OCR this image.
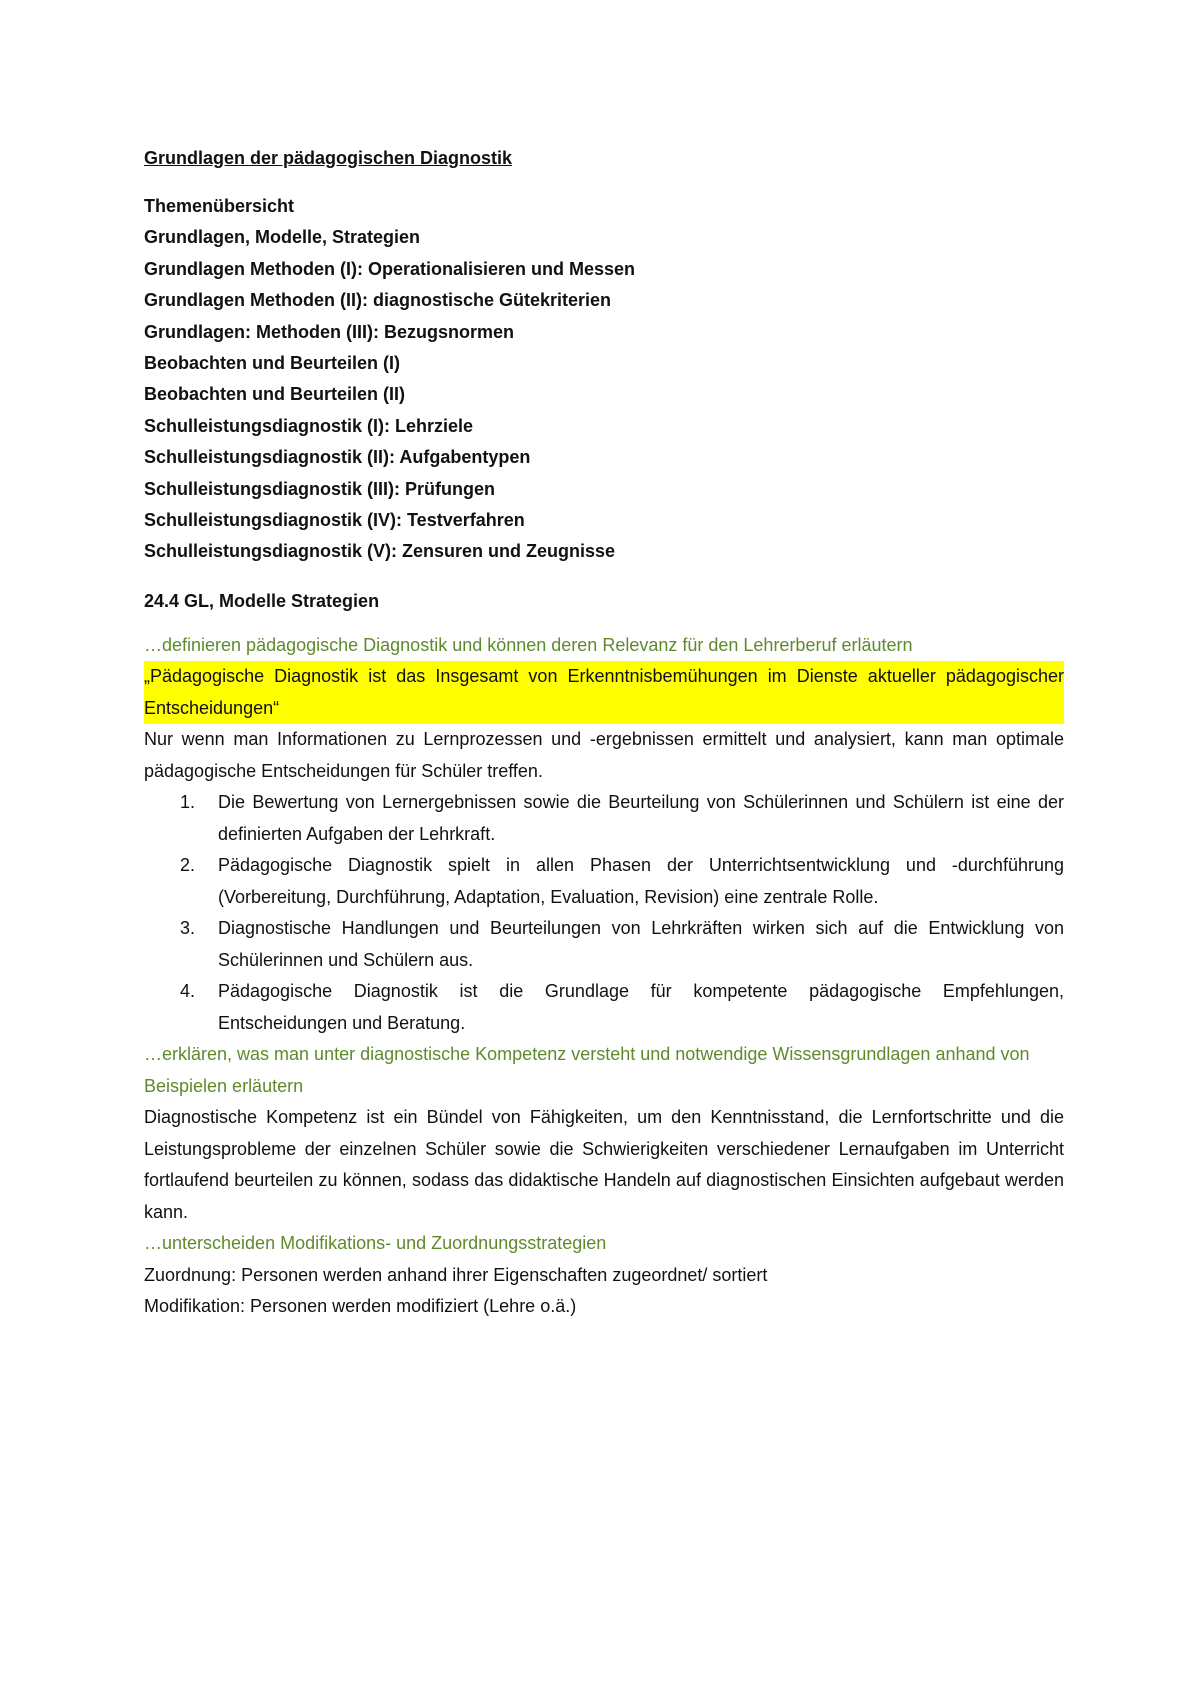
Grundlagen der pädagogischen Diagnostik
Themenübersicht
Grundlagen, Modelle, Strategien
Grundlagen Methoden (I): Operationalisieren und Messen
Grundlagen Methoden (II): diagnostische Gütekriterien
Grundlagen: Methoden (III): Bezugsnormen
Beobachten und Beurteilen (I)
Beobachten und Beurteilen (II)
Schulleistungsdiagnostik (I): Lehrziele
Schulleistungsdiagnostik (II): Aufgabentypen
Schulleistungsdiagnostik (III): Prüfungen
Schulleistungsdiagnostik (IV): Testverfahren
Schulleistungsdiagnostik (V): Zensuren und Zeugnisse
24.4 GL, Modelle Strategien

…definieren pädagogische Diagnostik und können deren Relevanz für den Lehrerberuf erläutern

„Pädagogische Diagnostik ist das Insgesamt von Erkenntnisbemühungen im Dienste aktueller pädagogischer Entscheidungen“

Nur wenn man Informationen zu Lernprozessen und -ergebnissen ermittelt und analysiert, kann man optimale pädagogische Entscheidungen für Schüler treffen.

1. Die Bewertung von Lernergebnissen sowie die Beurteilung von Schülerinnen und Schülern ist eine der definierten Aufgaben der Lehrkraft.
2. Pädagogische Diagnostik spielt in allen Phasen der Unterrichtsentwicklung und -durchführung (Vorbereitung, Durchführung, Adaptation, Evaluation, Revision) eine zentrale Rolle.
3. Diagnostische Handlungen und Beurteilungen von Lehrkräften wirken sich auf die Entwicklung von Schülerinnen und Schülern aus.
4. Pädagogische Diagnostik ist die Grundlage für kompetente pädagogische Empfehlungen, Entscheidungen und Beratung.

…erklären, was man unter diagnostische Kompetenz versteht und notwendige Wissensgrundlagen anhand von Beispielen erläutern

Diagnostische Kompetenz ist ein Bündel von Fähigkeiten, um den Kenntnisstand, die Lernfortschritte und die Leistungsprobleme der einzelnen Schüler sowie die Schwierigkeiten verschiedener Lernaufgaben im Unterricht fortlaufend beurteilen zu können, sodass das didaktische Handeln auf diagnostischen Einsichten aufgebaut werden kann.

…unterscheiden Modifikations- und Zuordnungsstrategien

Zuordnung: Personen werden anhand ihrer Eigenschaften zugeordnet/ sortiert

Modifikation: Personen werden modifiziert (Lehre o.ä.)
